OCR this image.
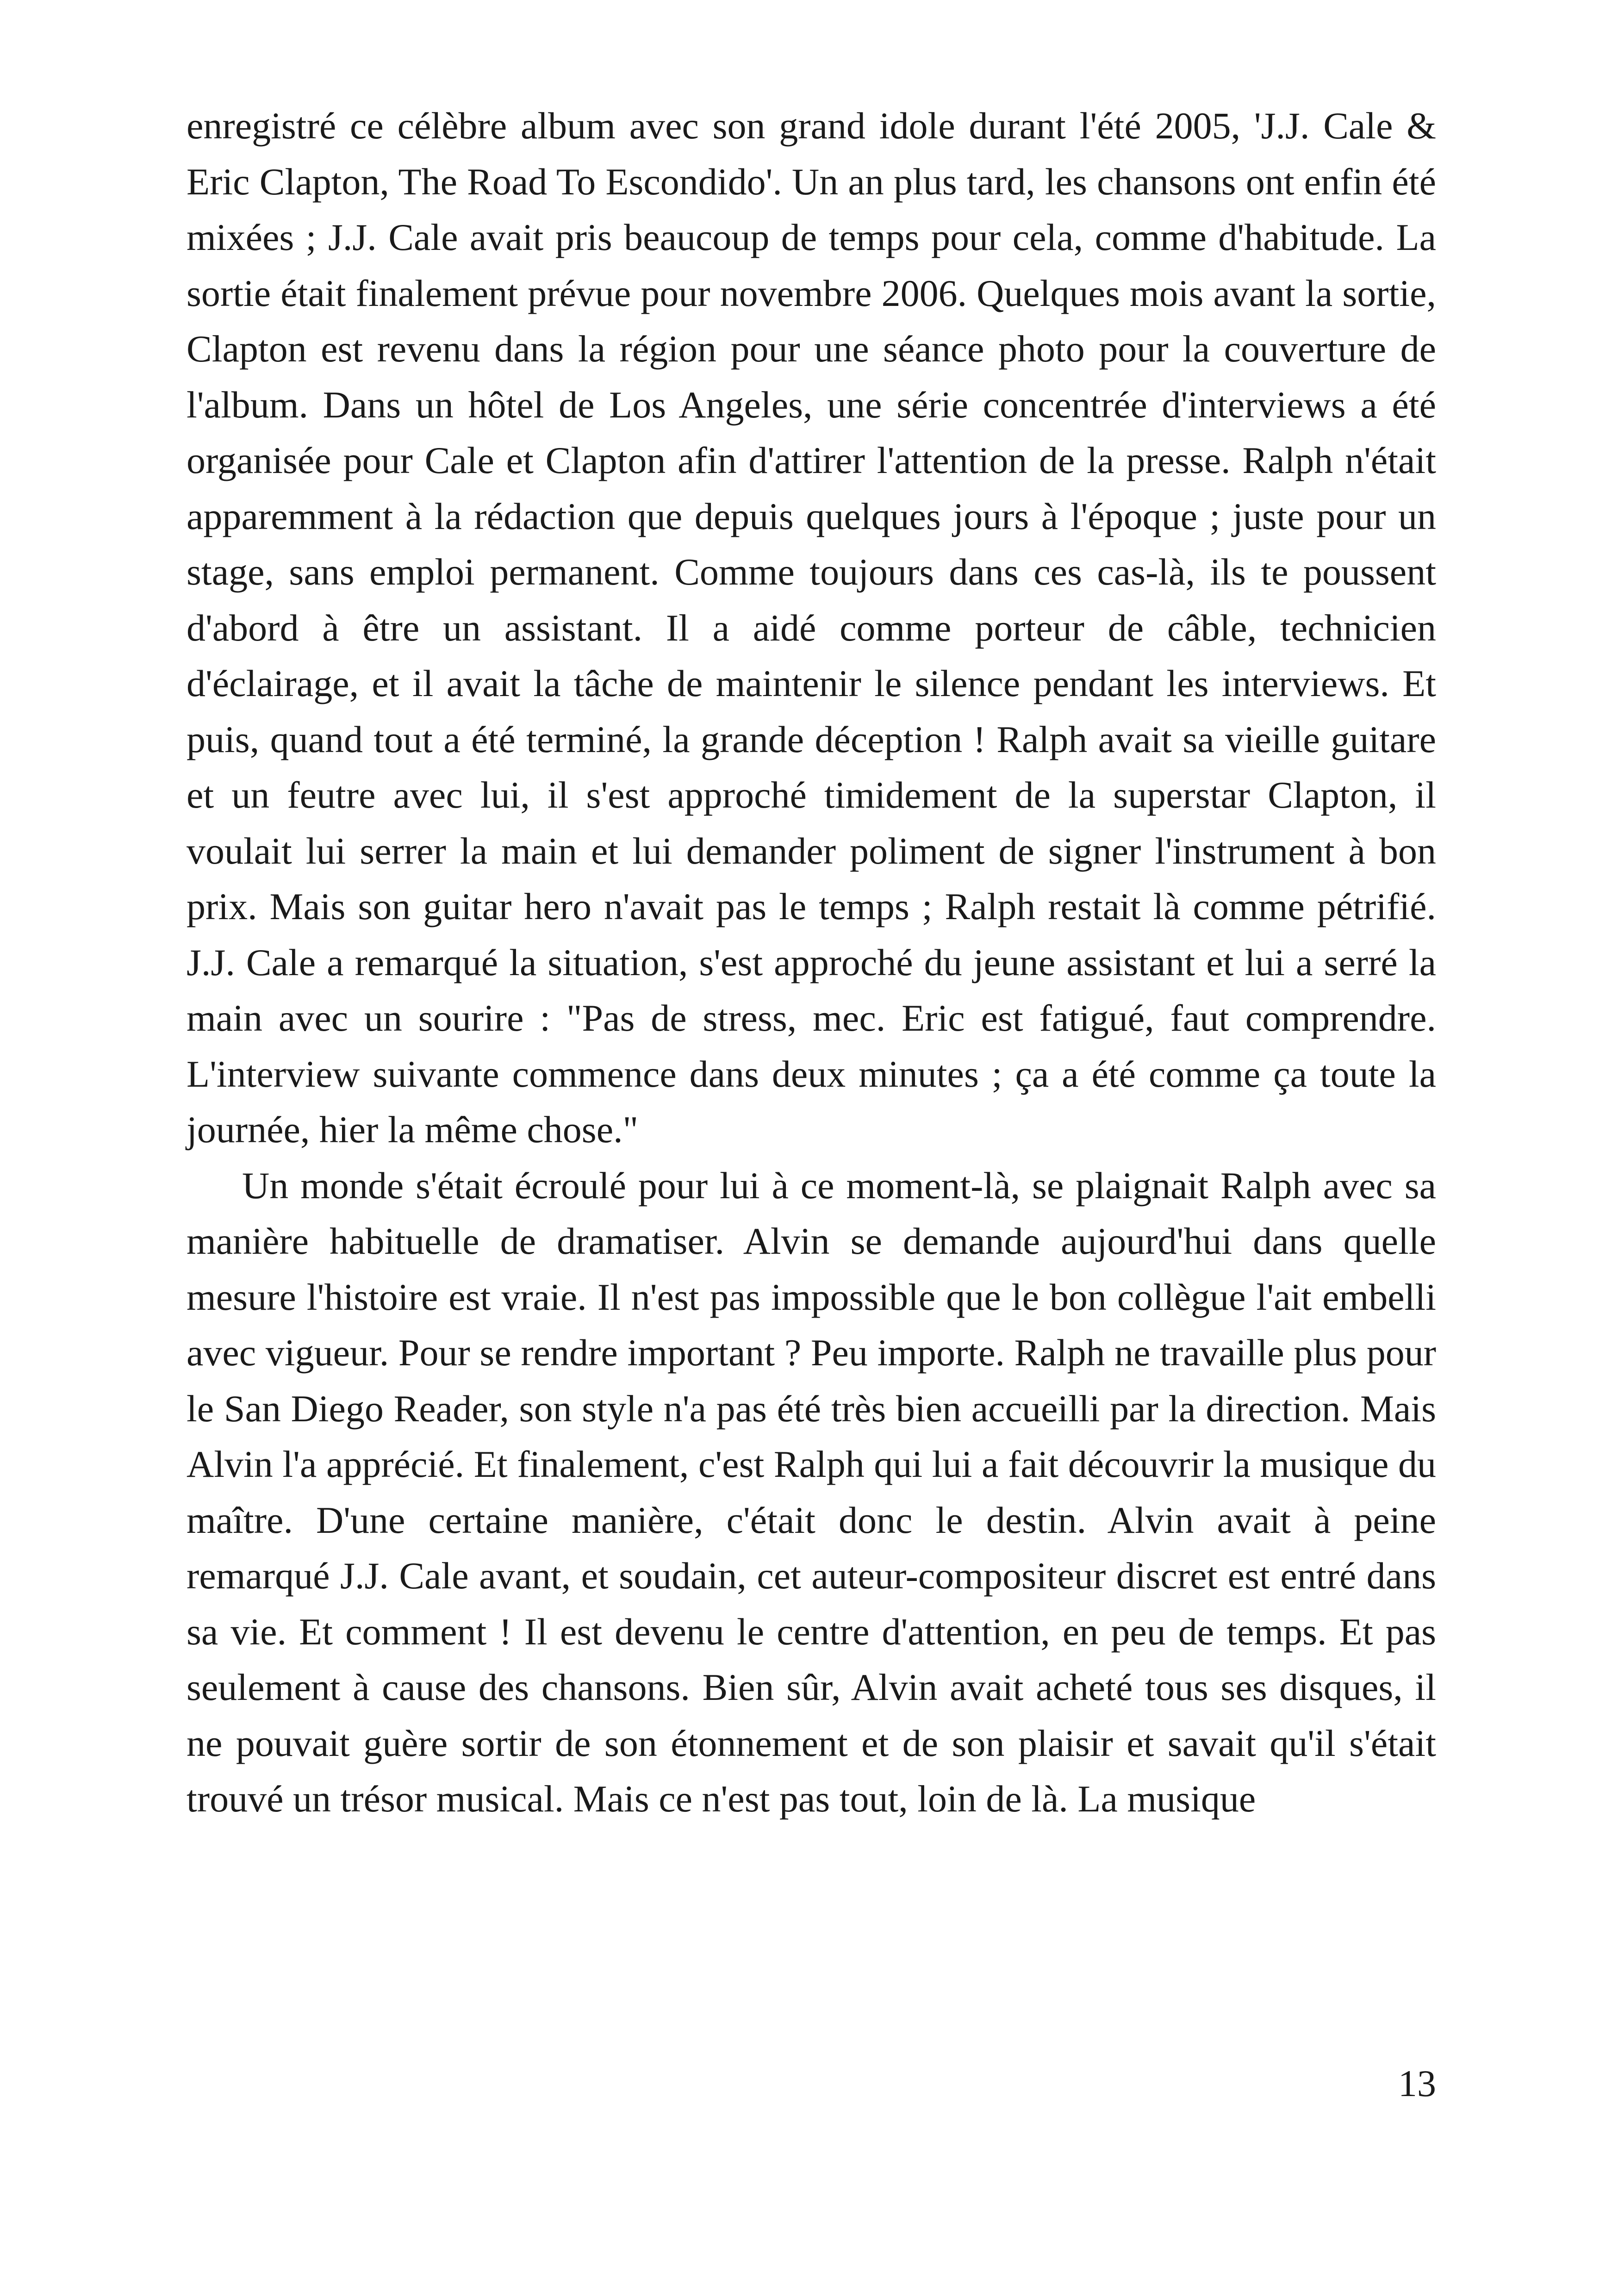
enregistré ce célèbre album avec son grand idole durant l'été 2005, 'J.J. Cale & Eric Clapton, The Road To Escondido'. Un an plus tard, les chansons ont enfin été mixées ; J.J. Cale avait pris beaucoup de temps pour cela, comme d'habitude. La sortie était finalement prévue pour novembre 2006. Quelques mois avant la sortie, Clapton est revenu dans la région pour une séance photo pour la couverture de l'album. Dans un hôtel de Los Angeles, une série concentrée d'interviews a été organisée pour Cale et Clapton afin d'attirer l'attention de la presse. Ralph n'était apparemment à la rédaction que depuis quelques jours à l'époque ; juste pour un stage, sans emploi permanent. Comme toujours dans ces cas-là, ils te poussent d'abord à être un assistant. Il a aidé comme porteur de câble, technicien d'éclairage, et il avait la tâche de maintenir le silence pendant les interviews. Et puis, quand tout a été terminé, la grande déception ! Ralph avait sa vieille guitare et un feutre avec lui, il s'est approché timidement de la superstar Clapton, il voulait lui serrer la main et lui demander poliment de signer l'instrument à bon prix. Mais son guitar hero n'avait pas le temps ; Ralph restait là comme pétrifié. J.J. Cale a remarqué la situation, s'est approché du jeune assistant et lui a serré la main avec un sourire : "Pas de stress, mec. Eric est fatigué, faut comprendre. L'interview suivante commence dans deux minutes ; ça a été comme ça toute la journée, hier la même chose."

Un monde s'était écroulé pour lui à ce moment-là, se plaignait Ralph avec sa manière habituelle de dramatiser. Alvin se demande aujourd'hui dans quelle mesure l'histoire est vraie. Il n'est pas impossible que le bon collègue l'ait embelli avec vigueur. Pour se rendre important ? Peu importe. Ralph ne travaille plus pour le San Diego Reader, son style n'a pas été très bien accueilli par la direction. Mais Alvin l'a apprécié. Et finalement, c'est Ralph qui lui a fait découvrir la musique du maître. D'une certaine manière, c'était donc le destin. Alvin avait à peine remarqué J.J. Cale avant, et soudain, cet auteur-compositeur discret est entré dans sa vie. Et comment ! Il est devenu le centre d'attention, en peu de temps. Et pas seulement à cause des chansons. Bien sûr, Alvin avait acheté tous ses disques, il ne pouvait guère sortir de son étonnement et de son plaisir et savait qu'il s'était trouvé un trésor musical. Mais ce n'est pas tout, loin de là. La musique

13
